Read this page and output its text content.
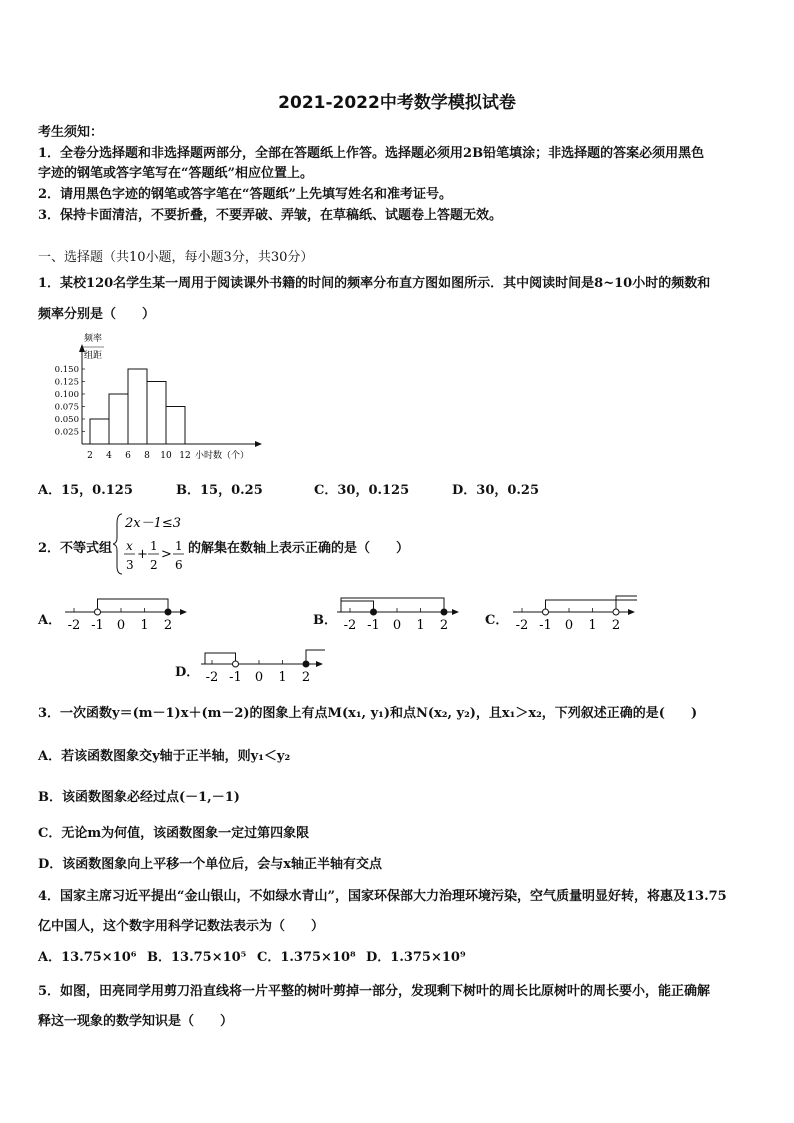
2021-2022中考数学模拟试卷
考生须知：
1．全卷分选择题和非选择题两部分，全部在答题纸上作答。选择题必须用2B铅笔填涂；非选择题的答案必须用黑色
字迹的钢笔或答字笔写在“答题纸”相应位置上。
2．请用黑色字迹的钢笔或答字笔在“答题纸”上先填写姓名和准考证号。
3．保持卡面清洁，不要折叠，不要弄破、弄皱，在草稿纸、试题卷上答题无效。
一、选择题（共10小题，每小题3分，共30分）
1．某校120名学生某一周用于阅读课外书籍的时间的频率分布直方图如图所示．其中阅读时间是8~10小时的频数和
频率分别是（　　）
频率
组距
0.025
0.050
0.075
0.100
0.125
0.150
2 4 6 8 10 12 小时数（个）
A．15，0.125	B．15，0.25	C．30，0.125	D．30，0.25
2．不等式组
2x－1≤3
x
3
+
1
2
>
1
6
的解集在数轴上表示正确的是（　　）
A． -2 -1 0 1 2	B． -2 -1 0 1 2	C． -2 -1 0 1 2
D． -2 -1 0 1 2
3．一次函数y＝(m－1)x＋(m－2)的图象上有点M(x₁, y₁)和点N(x₂, y₂)，且x₁＞x₂，下列叙述正确的是(　　)
A．若该函数图象交y轴于正半轴，则y₁＜y₂
B．该函数图象必经过点(－1,－1)
C．无论m为何值，该函数图象一定过第四象限
D．该函数图象向上平移一个单位后，会与x轴正半轴有交点
4．国家主席习近平提出“金山银山，不如绿水青山”，国家环保部大力治理环境污染，空气质量明显好转，将惠及13.75
亿中国人，这个数字用科学记数法表示为（　　）
A．13.75×10⁶ B．13.75×10⁵ C．1.375×10⁸ D．1.375×10⁹
5．如图，田亮同学用剪刀沿直线将一片平整的树叶剪掉一部分，发现剩下树叶的周长比原树叶的周长要小，能正确解
释这一现象的数学知识是（　　）
